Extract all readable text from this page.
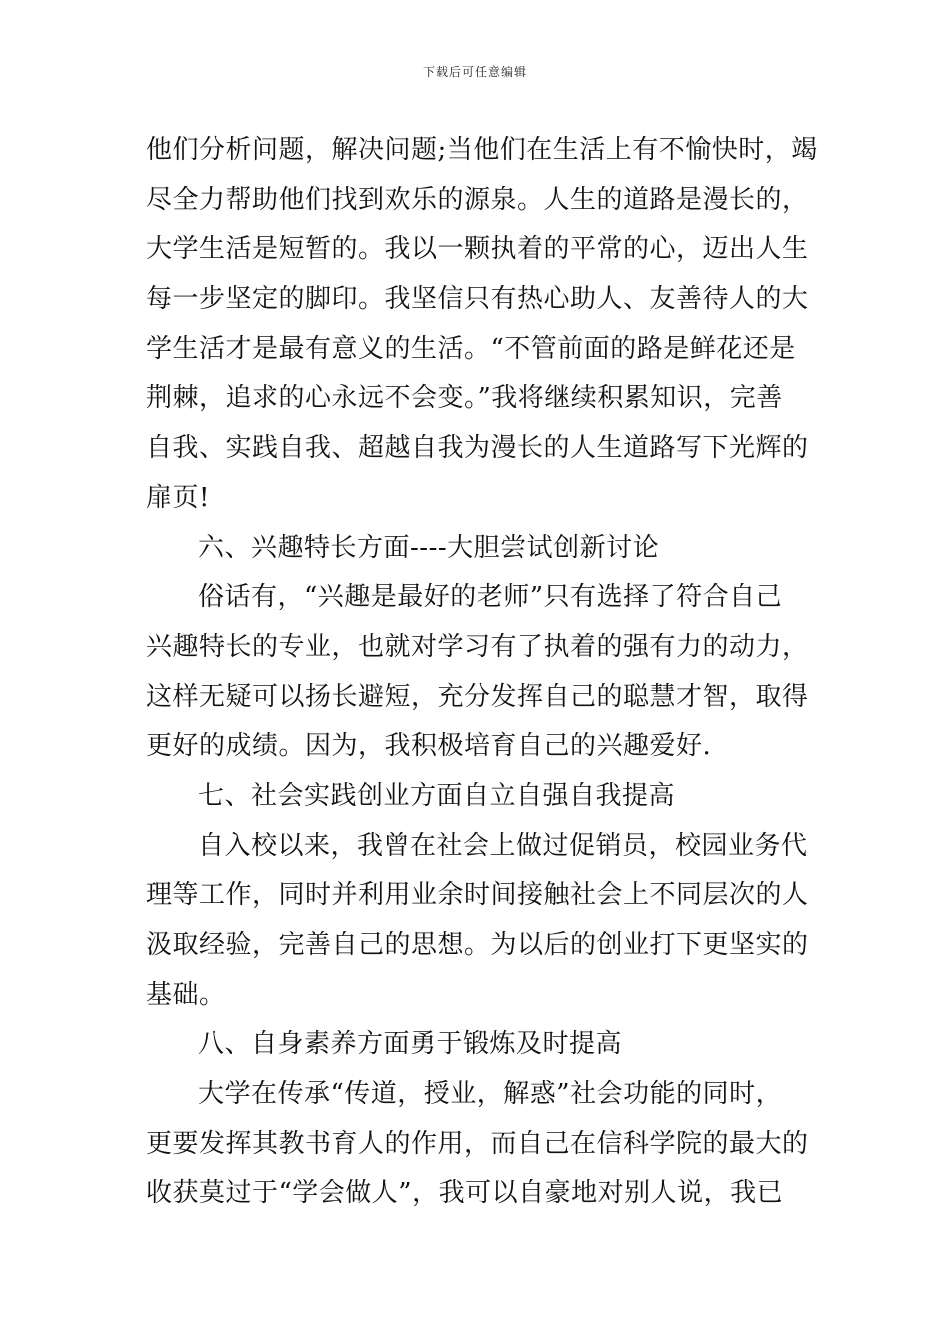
下载后可任意编辑
他们分析问题，解决问题;当他们在生活上有不愉快时，竭
尽全力帮助他们找到欢乐的源泉。人生的道路是漫长的，
大学生活是短暂的。我以一颗执着的平常的心，迈出人生
每一步坚定的脚印。我坚信只有热心助人、友善待人的大
学生活才是最有意义的生活。“不管前面的路是鲜花还是
荆棘，追求的心永远不会变。”我将继续积累知识，完善
自我、实践自我、超越自我为漫长的人生道路写下光辉的
扉页!
六、兴趣特长方面----大胆尝试创新讨论
俗话有，“兴趣是最好的老师”只有选择了符合自己
兴趣特长的专业，也就对学习有了执着的强有力的动力，
这样无疑可以扬长避短，充分发挥自己的聪慧才智，取得
更好的成绩。因为，我积极培育自己的兴趣爱好.
七、社会实践创业方面自立自强自我提高
自入校以来，我曾在社会上做过促销员，校园业务代
理等工作，同时并利用业余时间接触社会上不同层次的人
汲取经验，完善自己的思想。为以后的创业打下更坚实的
基础。
八、自身素养方面勇于锻炼及时提高
大学在传承“传道，授业，解惑”社会功能的同时，
更要发挥其教书育人的作用，而自己在信科学院的最大的
收获莫过于“学会做人”，我可以自豪地对别人说，我已
